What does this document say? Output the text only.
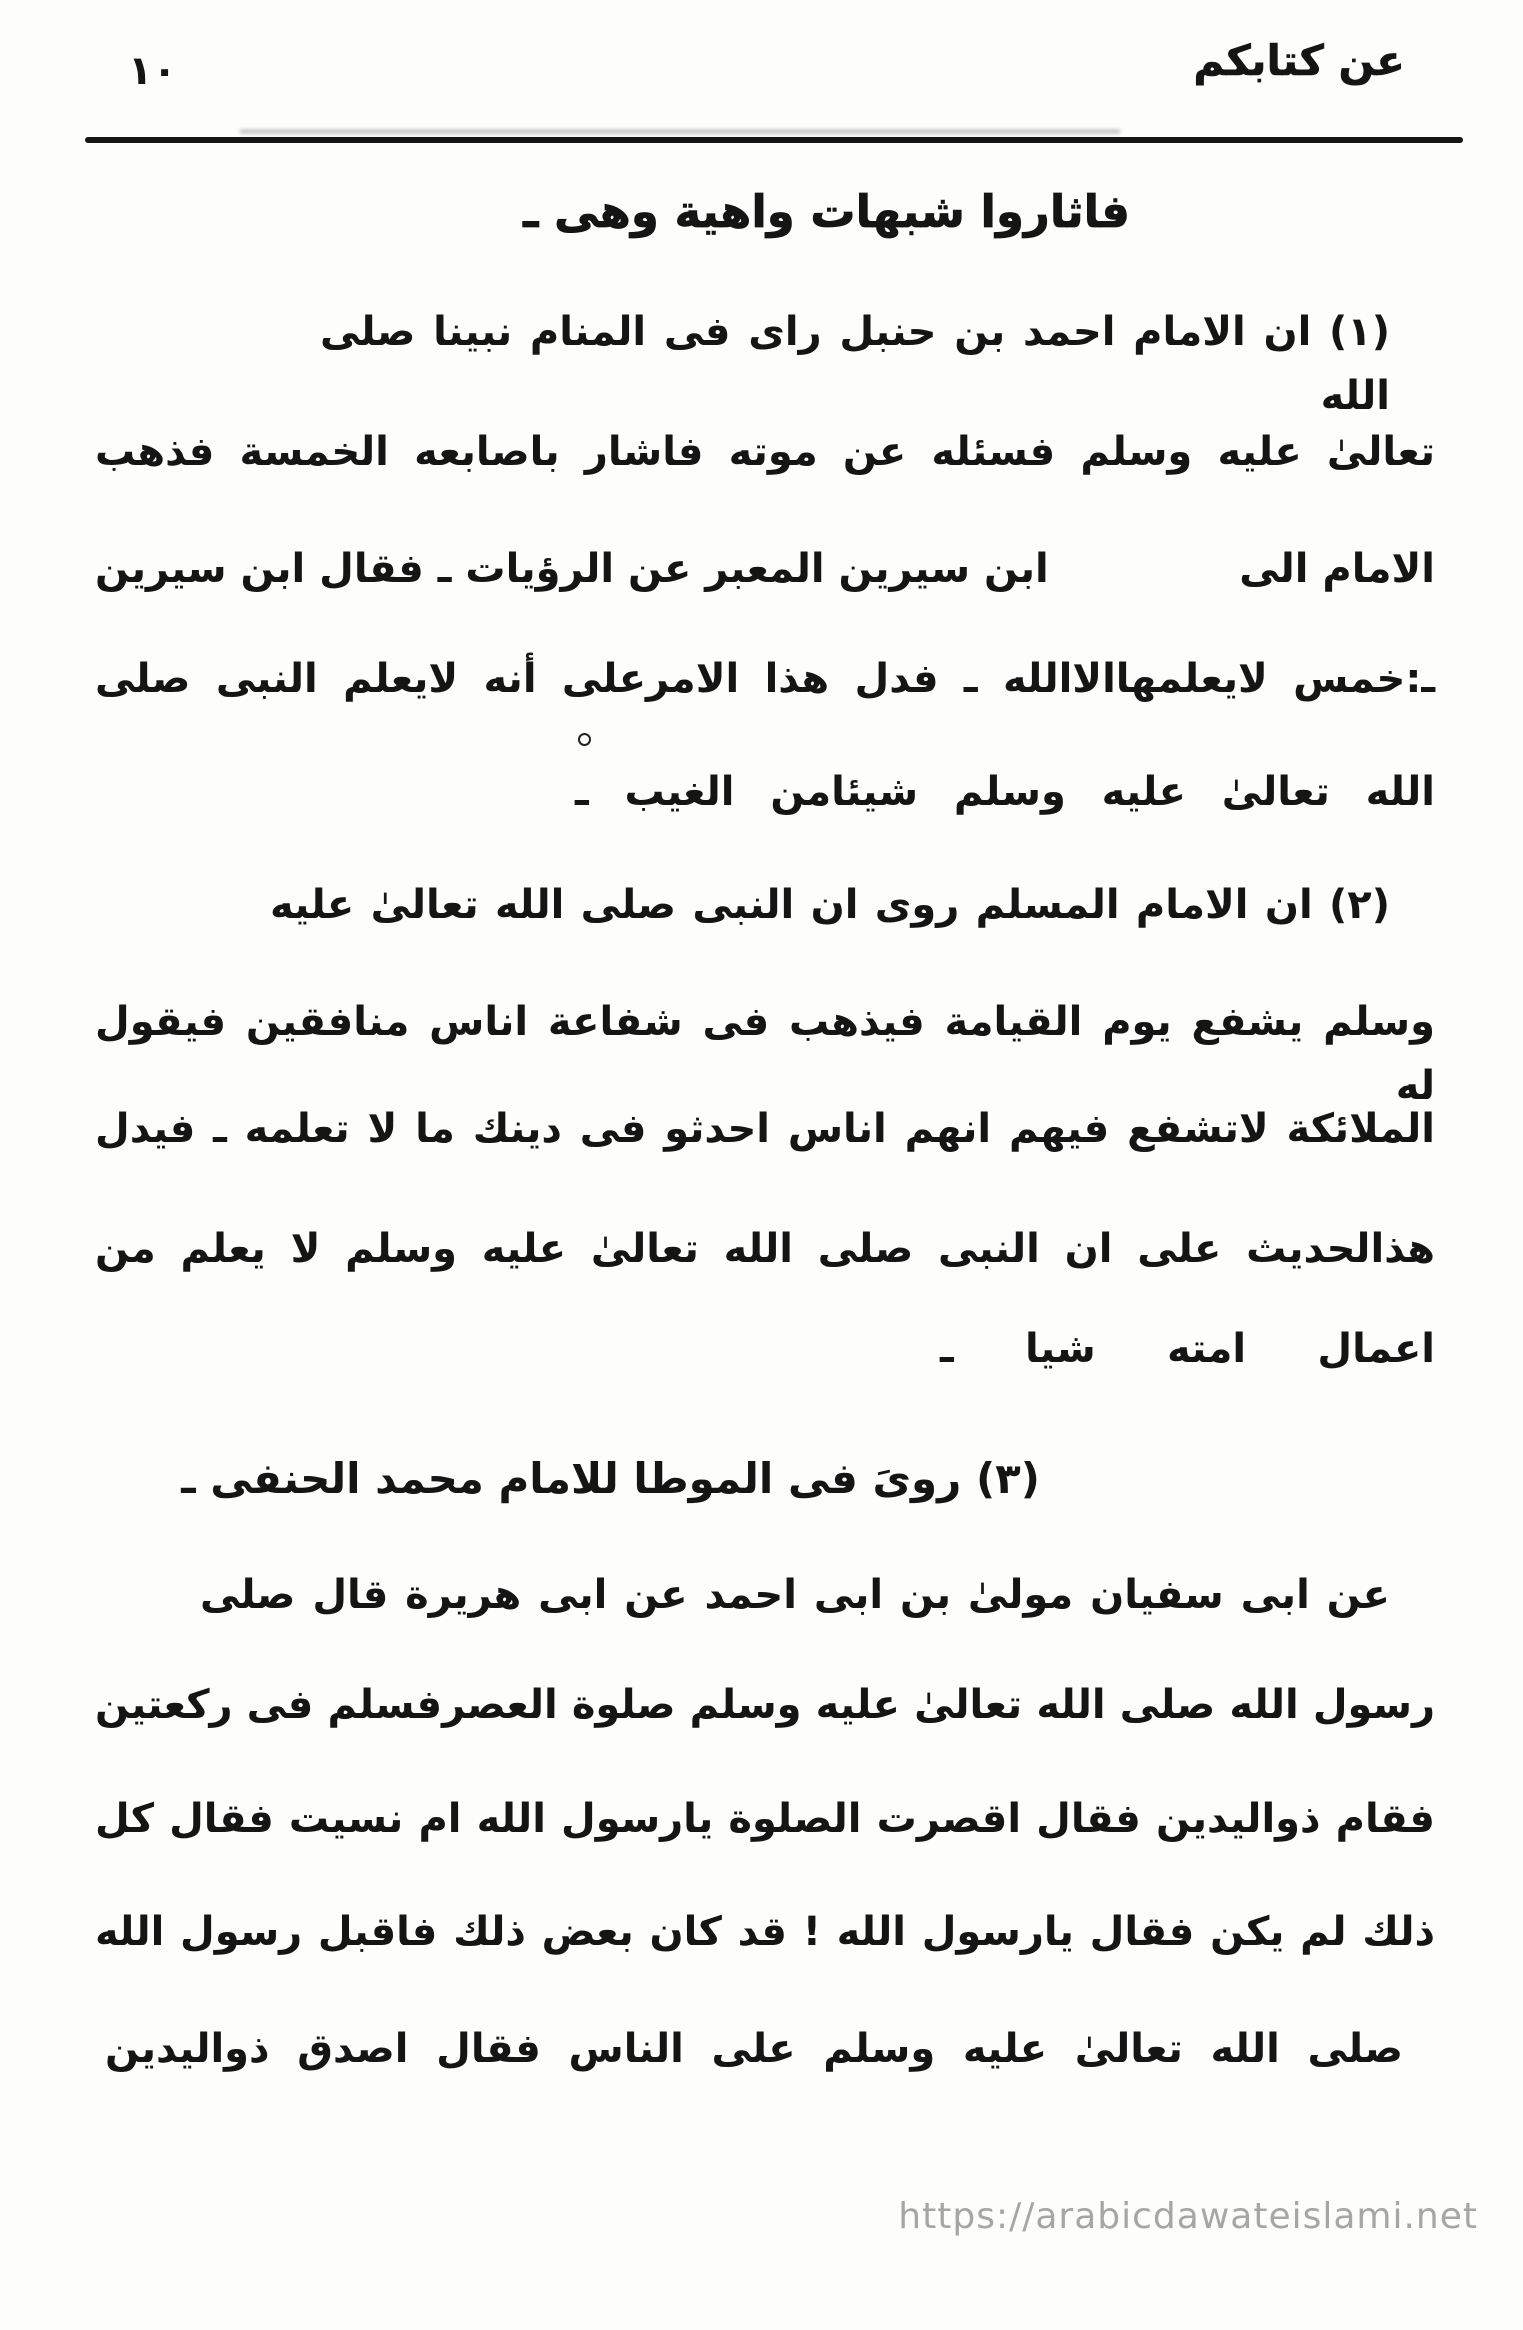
عن كتابكم
١٠
فاثاروا شبهات واهية وهى ـ
(١) ان الامام احمد بن حنبل راى فى المنام نبينا صلى الله
تعالىٰ عليه وسلم فسئله عن موته فاشار باصابعه الخمسة فذهب
الامام الى
ابن سيرين المعبر عن الرؤيات ـ فقال ابن سيرين
ـ:خمس لايعلمهاالاالله ـ فدل هذا الامرعلى أنه لايعلم النبى صلى
الله تعالىٰ عليه وسلم شيئامن الغيب ـ
(٢) ان الامام المسلم روى ان النبى صلى الله تعالىٰ عليه
وسلم يشفع يوم القيامة فيذهب فى شفاعة اناس منافقين فيقول له
الملائكة لاتشفع فيهم انهم اناس احدثو فى دينك ما لا تعلمه ـ فيدل
هذالحديث على ان النبى صلى الله تعالىٰ عليه وسلم لا يعلم من
اعمال امته شيا ـ
(٣) روىَ فى الموطا للامام محمد الحنفى ـ
عن ابى سفيان مولىٰ بن ابى احمد عن ابى هريرة قال صلى
رسول الله صلى الله تعالىٰ عليه وسلم صلوة العصرفسلم فى ركعتين
فقام ذواليدين فقال اقصرت الصلوة يارسول الله ام نسيت فقال كل
ذلك لم يكن فقال يارسول الله ! قد كان بعض ذلك فاقبل رسول الله
صلى الله تعالىٰ عليه وسلم على الناس فقال اصدق ذواليدين
https://arabicdawateislami.net
